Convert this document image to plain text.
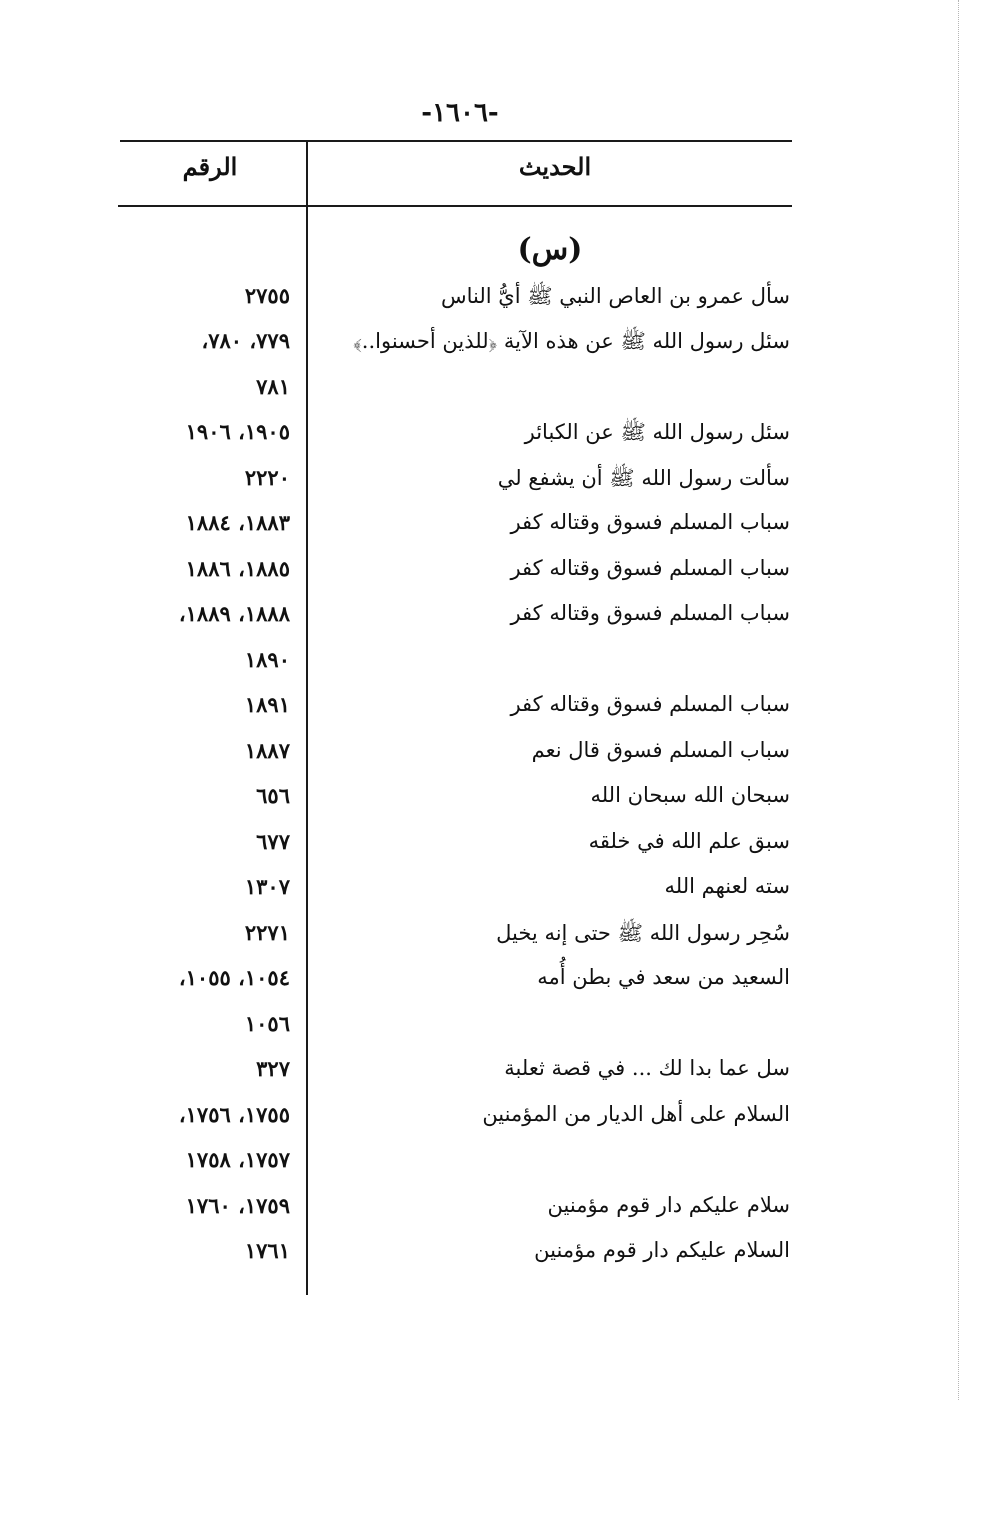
-١٦٠٦-
الحديث
الرقم
(س)
سأل عمرو بن العاص النبي ﷺ أيُّ الناس
٢٧٥٥
سئل رسول الله ﷺ عن هذه الآية ﴿للذين أحسنوا..﴾
٧٧٩، ٧٨٠،
٧٨١
سئل رسول الله ﷺ عن الكبائر
١٩٠٥، ١٩٠٦
سألت رسول الله ﷺ أن يشفع لي
٢٢٢٠
سباب المسلم فسوق وقتاله كفر
١٨٨٣، ١٨٨٤
سباب المسلم فسوق وقتاله كفر
١٨٨٥، ١٨٨٦
سباب المسلم فسوق وقتاله كفر
١٨٨٨، ١٨٨٩،
١٨٩٠
سباب المسلم فسوق وقتاله كفر
١٨٩١
سباب المسلم فسوق قال نعم
١٨٨٧
سبحان الله سبحان الله
٦٥٦
سبق علم الله في خلقه
٦٧٧
سته لعنهم الله
١٣٠٧
سُحِر رسول الله ﷺ حتى إنه يخيل
٢٢٧١
السعيد من سعد في بطن أُمه
١٠٥٤، ١٠٥٥،
١٠٥٦
سل عما بدا لك ... في قصة ثعلبة
٣٢٧
السلام على أهل الديار من المؤمنين
١٧٥٥، ١٧٥٦،
١٧٥٧، ١٧٥٨
سلام عليكم دار قوم مؤمنين
١٧٥٩، ١٧٦٠
السلام عليكم دار قوم مؤمنين
١٧٦١
